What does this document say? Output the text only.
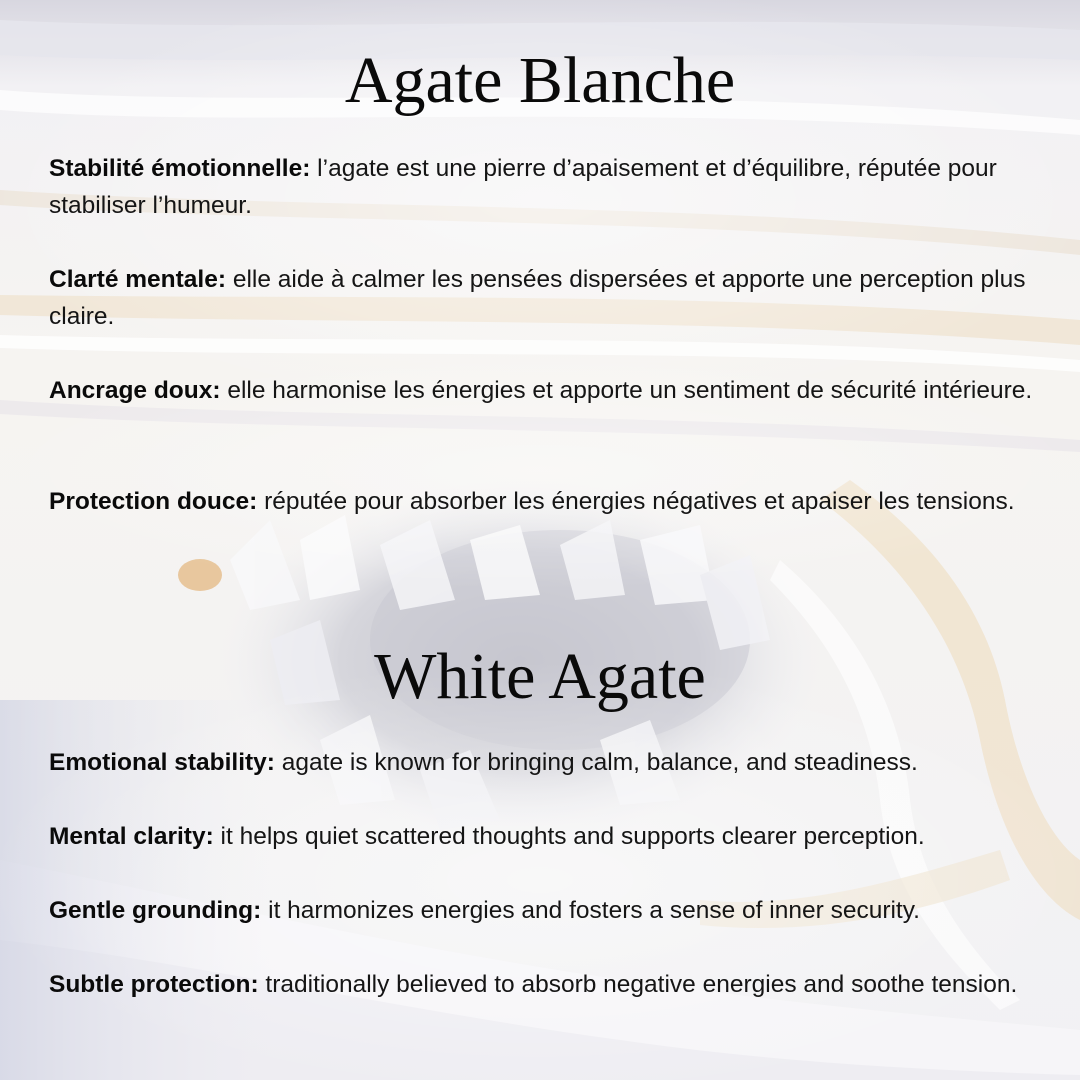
Agate Blanche

Stabilité émotionnelle: l’agate est une pierre d’apaisement et d’équilibre, réputée pour stabiliser l’humeur.

Clarté mentale: elle aide à calmer les pensées dispersées et apporte une perception plus claire.

Ancrage doux: elle harmonise les énergies et apporte un sentiment de sécurité intérieure.

Protection douce: réputée pour absorber les énergies négatives et apaiser les tensions.

White Agate

Emotional stability: agate is known for bringing calm, balance, and steadiness.

Mental clarity: it helps quiet scattered thoughts and supports clearer perception.

Gentle grounding: it harmonizes energies and fosters a sense of inner security.

Subtle protection: traditionally believed to absorb negative energies and soothe tension.
